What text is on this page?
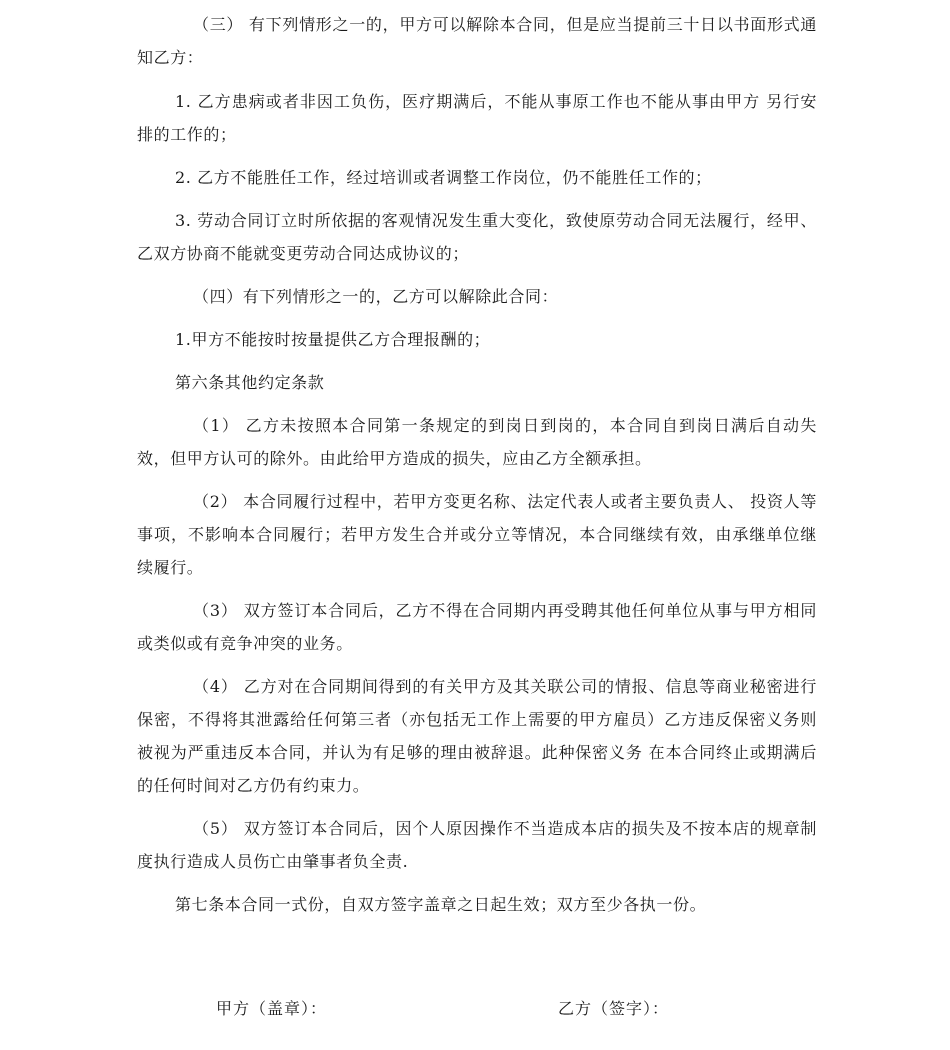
（三） 有下列情形之一的，甲方可以解除本合同，但是应当提前三十日以书面形式通知乙方：

1. 乙方患病或者非因工负伤，医疗期满后，不能从事原工作也不能从事由甲方 另行安排的工作的；

2. 乙方不能胜任工作，经过培训或者调整工作岗位，仍不能胜任工作的；

3. 劳动合同订立时所依据的客观情况发生重大变化，致使原劳动合同无法履行，经甲、乙双方协商不能就变更劳动合同达成协议的；

（四）有下列情形之一的，乙方可以解除此合同：

1.甲方不能按时按量提供乙方合理报酬的；

第六条其他约定条款

（1） 乙方未按照本合同第一条规定的到岗日到岗的，本合同自到岗日满后自动失效，但甲方认可的除外。由此给甲方造成的损失，应由乙方全额承担。

（2） 本合同履行过程中，若甲方变更名称、法定代表人或者主要负责人、 投资人等事项，不影响本合同履行；若甲方发生合并或分立等情况，本合同继续有效，由承继单位继续履行。

（3） 双方签订本合同后，乙方不得在合同期内再受聘其他任何单位从事与甲方相同或类似或有竞争冲突的业务。

（4） 乙方对在合同期间得到的有关甲方及其关联公司的情报、信息等商业秘密进行保密，不得将其泄露给任何第三者（亦包括无工作上需要的甲方雇员）乙方违反保密义务则被视为严重违反本合同，并认为有足够的理由被辞退。此种保密义务 在本合同终止或期满后的任何时间对乙方仍有约束力。

（5） 双方签订本合同后，因个人原因操作不当造成本店的损失及不按本店的规章制度执行造成人员伤亡由肇事者负全责.

第七条本合同一式份，自双方签字盖章之日起生效；双方至少各执一份。

甲方（盖章）：	乙方（签字）：
